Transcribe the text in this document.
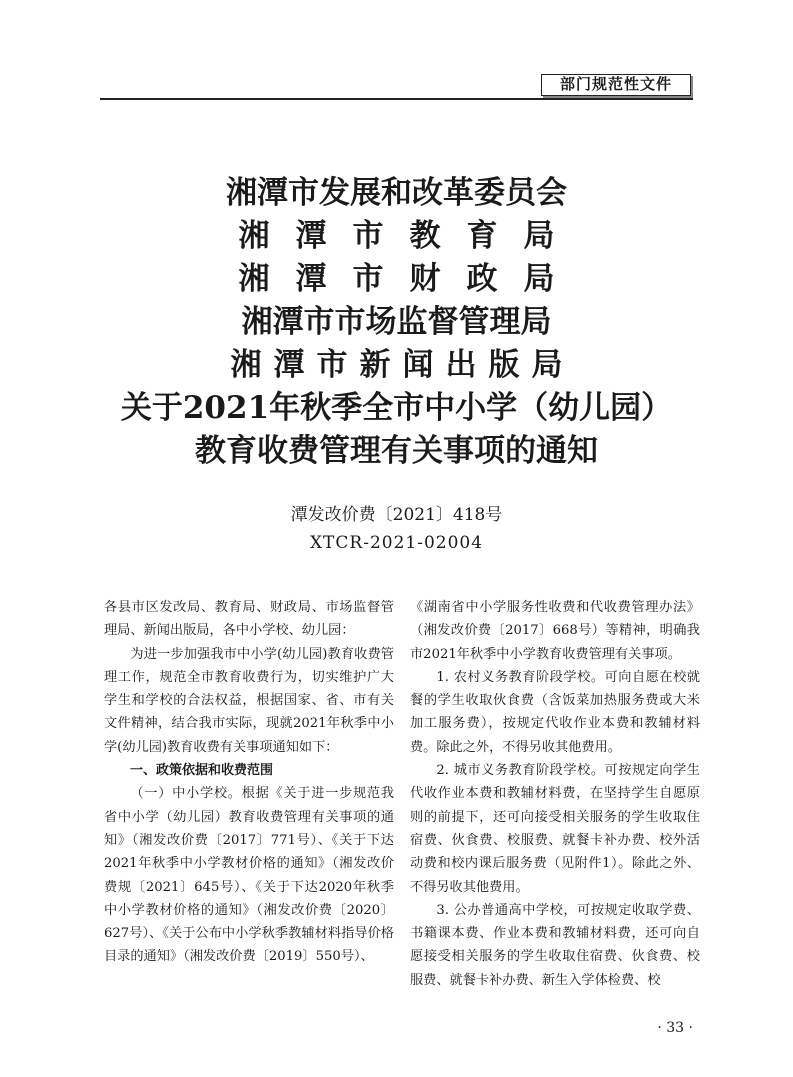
部门规范性文件
湘潭市发展和改革委员会
湘潭市教育局
湘潭市财政局
湘潭市市场监督管理局
湘潭市新闻出版局
关于2021年秋季全市中小学（幼儿园）
教育收费管理有关事项的通知
潭发改价费〔2021〕418号
XTCR-2021-02004

各县市区发改局、教育局、财政局、市场监督管理局、新闻出版局，各中小学校、幼儿园：

为进一步加强我市中小学(幼儿园)教育收费管理工作，规范全市教育收费行为，切实维护广大学生和学校的合法权益，根据国家、省、市有关文件精神，结合我市实际，现就2021年秋季中小学(幼儿园)教育收费有关事项通知如下：

一、政策依据和收费范围

（一）中小学校。根据《关于进一步规范我省中小学（幼儿园）教育收费管理有关事项的通知》（湘发改价费〔2017〕771号）、《关于下达2021年秋季中小学教材价格的通知》（湘发改价费规〔2021〕645号）、《关于下达2020年秋季中小学教材价格的通知》（湘发改价费〔2020〕627号）、《关于公布中小学秋季教辅材料指导价格目录的通知》（湘发改价费〔2019〕550号）、

《湖南省中小学服务性收费和代收费管理办法》（湘发改价费〔2017〕668号）等精神，明确我市2021年秋季中小学教育收费管理有关事项。

1. 农村义务教育阶段学校。可向自愿在校就餐的学生收取伙食费（含饭菜加热服务费或大米加工服务费），按规定代收作业本费和教辅材料费。除此之外，不得另收其他费用。

2. 城市义务教育阶段学校。可按规定向学生代收作业本费和教辅材料费，在坚持学生自愿原则的前提下，还可向接受相关服务的学生收取住宿费、伙食费、校服费、就餐卡补办费、校外活动费和校内课后服务费（见附件1）。除此之外、不得另收其他费用。

3. 公办普通高中学校，可按规定收取学费、书籍课本费、作业本费和教辅材料费，还可向自愿接受相关服务的学生收取住宿费、伙食费、校服费、就餐卡补办费、新生入学体检费、校

· 33 ·
